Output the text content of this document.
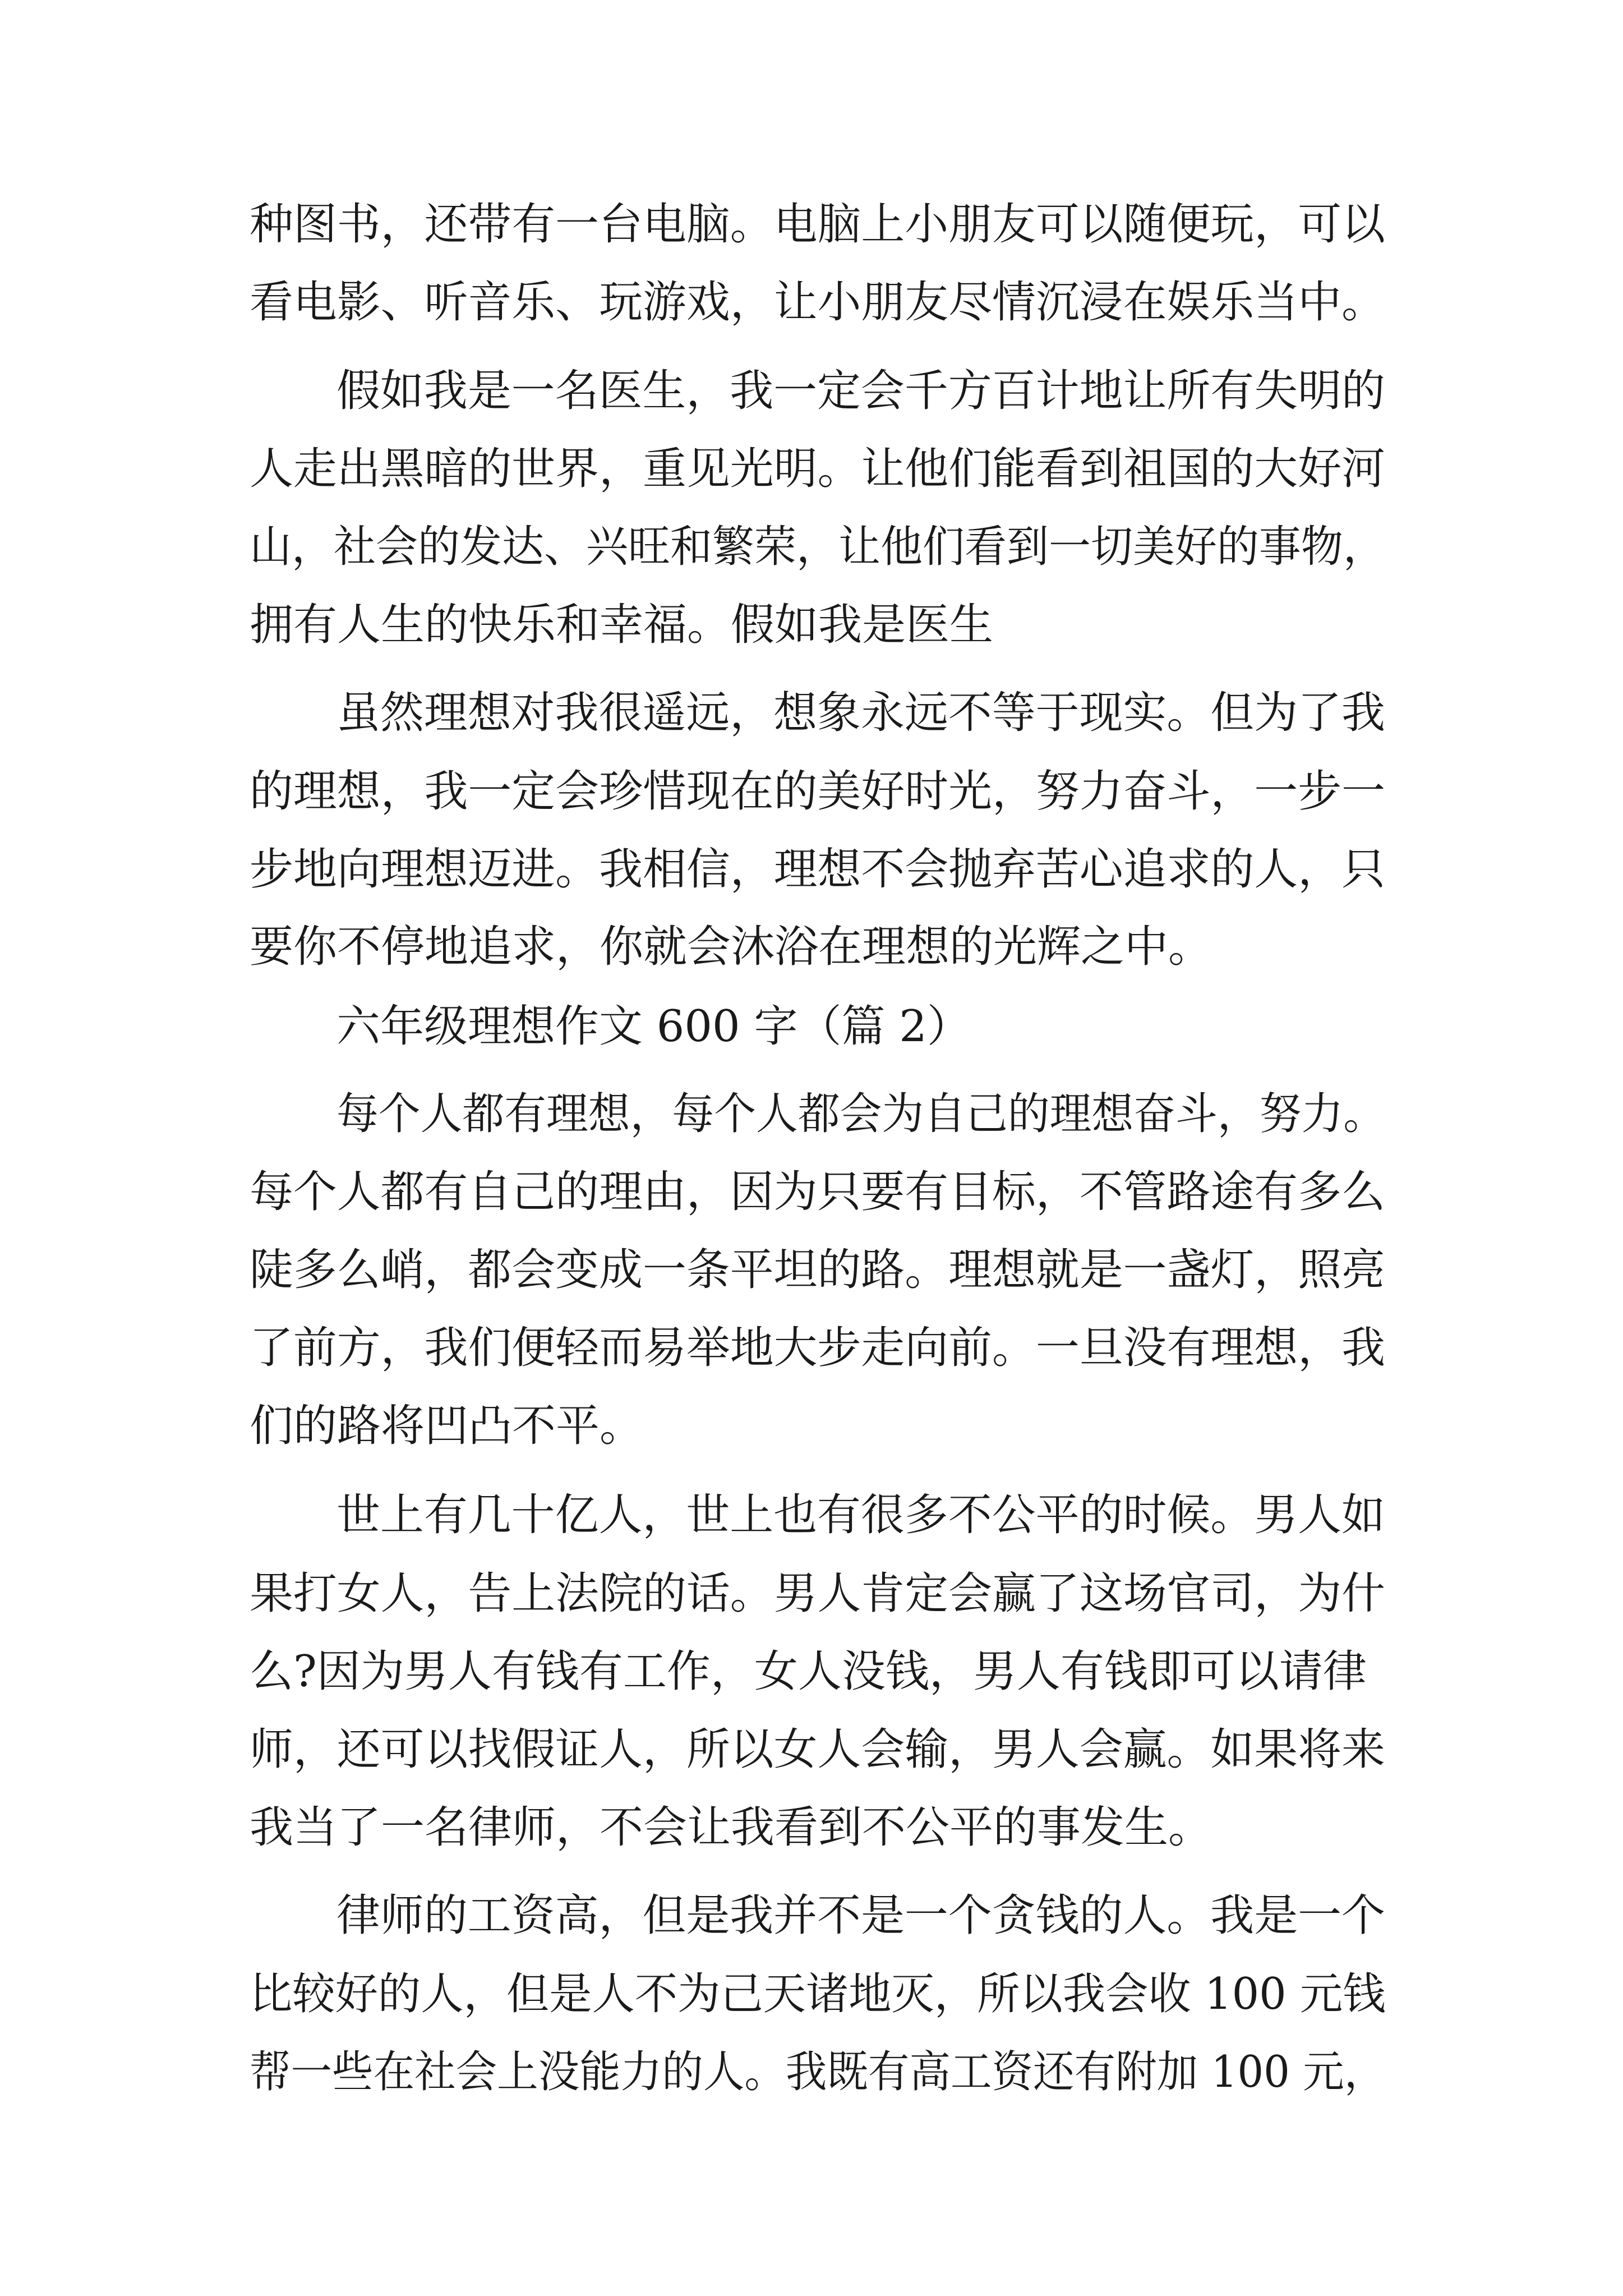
种图书，还带有一台电脑。电脑上小朋友可以随便玩，可以
看电影、听音乐、玩游戏，让小朋友尽情沉浸在娱乐当中。
假如我是一名医生，我一定会千方百计地让所有失明的
人走出黑暗的世界，重见光明。让他们能看到祖国的大好河
山，社会的发达、兴旺和繁荣，让他们看到一切美好的事物，
拥有人生的快乐和幸福。假如我是医生
虽然理想对我很遥远，想象永远不等于现实。但为了我
的理想，我一定会珍惜现在的美好时光，努力奋斗，一步一
步地向理想迈进。我相信，理想不会抛弃苦心追求的人，只
要你不停地追求，你就会沐浴在理想的光辉之中。
六年级理想作文 600 字（篇 2）
每个人都有理想，每个人都会为自己的理想奋斗，努力。
每个人都有自己的理由，因为只要有目标，不管路途有多么
陡多么峭，都会变成一条平坦的路。理想就是一盏灯，照亮
了前方，我们便轻而易举地大步走向前。一旦没有理想，我
们的路将凹凸不平。
世上有几十亿人，世上也有很多不公平的时候。男人如
果打女人，告上法院的话。男人肯定会赢了这场官司，为什
么?因为男人有钱有工作，女人没钱，男人有钱即可以请律
师，还可以找假证人，所以女人会输，男人会赢。如果将来
我当了一名律师，不会让我看到不公平的事发生。
律师的工资高，但是我并不是一个贪钱的人。我是一个
比较好的人，但是人不为己天诸地灭，所以我会收 100 元钱
帮一些在社会上没能力的人。我既有高工资还有附加 100 元，
